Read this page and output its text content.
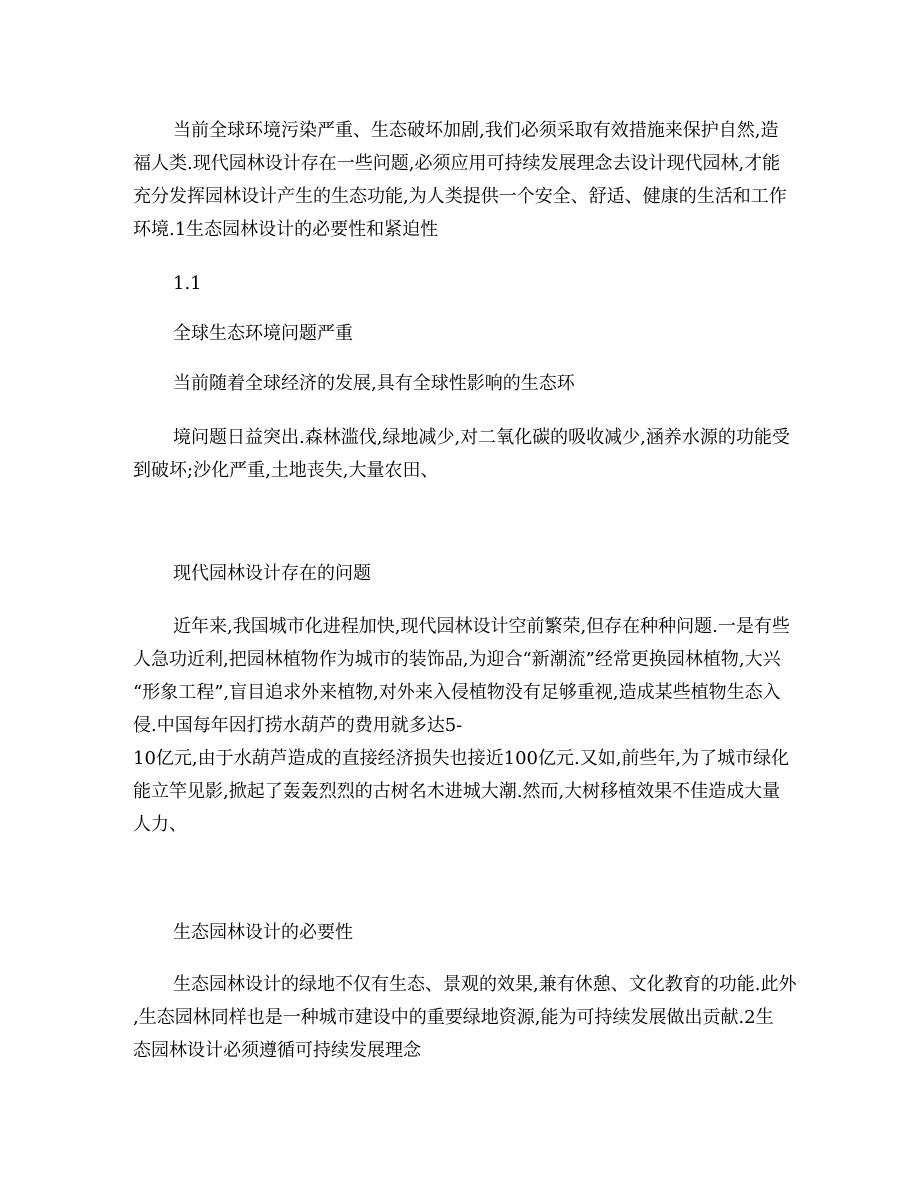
当前全球环境污染严重、生态破坏加剧,我们必须采取有效措施来保护自然,造
福人类.现代园林设计存在一些问题,必须应用可持续发展理念去设计现代园林,才能
充分发挥园林设计产生的生态功能,为人类提供一个安全、舒适、健康的生活和工作
环境.1生态园林设计的必要性和紧迫性
1.1
全球生态环境问题严重
当前随着全球经济的发展,具有全球性影响的生态环
境问题日益突出.森林滥伐,绿地减少,对二氧化碳的吸收减少,涵养水源的功能受
到破坏;沙化严重,土地丧失,大量农田、
现代园林设计存在的问题
近年来,我国城市化进程加快,现代园林设计空前繁荣,但存在种种问题.一是有些
人急功近利,把园林植物作为城市的装饰品,为迎合“新潮流”经常更换园林植物,大兴
“形象工程”,盲目追求外来植物,对外来入侵植物没有足够重视,造成某些植物生态入
侵.中国每年因打捞水葫芦的费用就多达5-
10亿元,由于水葫芦造成的直接经济损失也接近100亿元.又如,前些年,为了城市绿化
能立竿见影,掀起了轰轰烈烈的古树名木进城大潮.然而,大树移植效果不佳造成大量
人力、
生态园林设计的必要性
生态园林设计的绿地不仅有生态、景观的效果,兼有休憩、文化教育的功能.此外
,生态园林同样也是一种城市建设中的重要绿地资源,能为可持续发展做出贡献.2生
态园林设计必须遵循可持续发展理念
